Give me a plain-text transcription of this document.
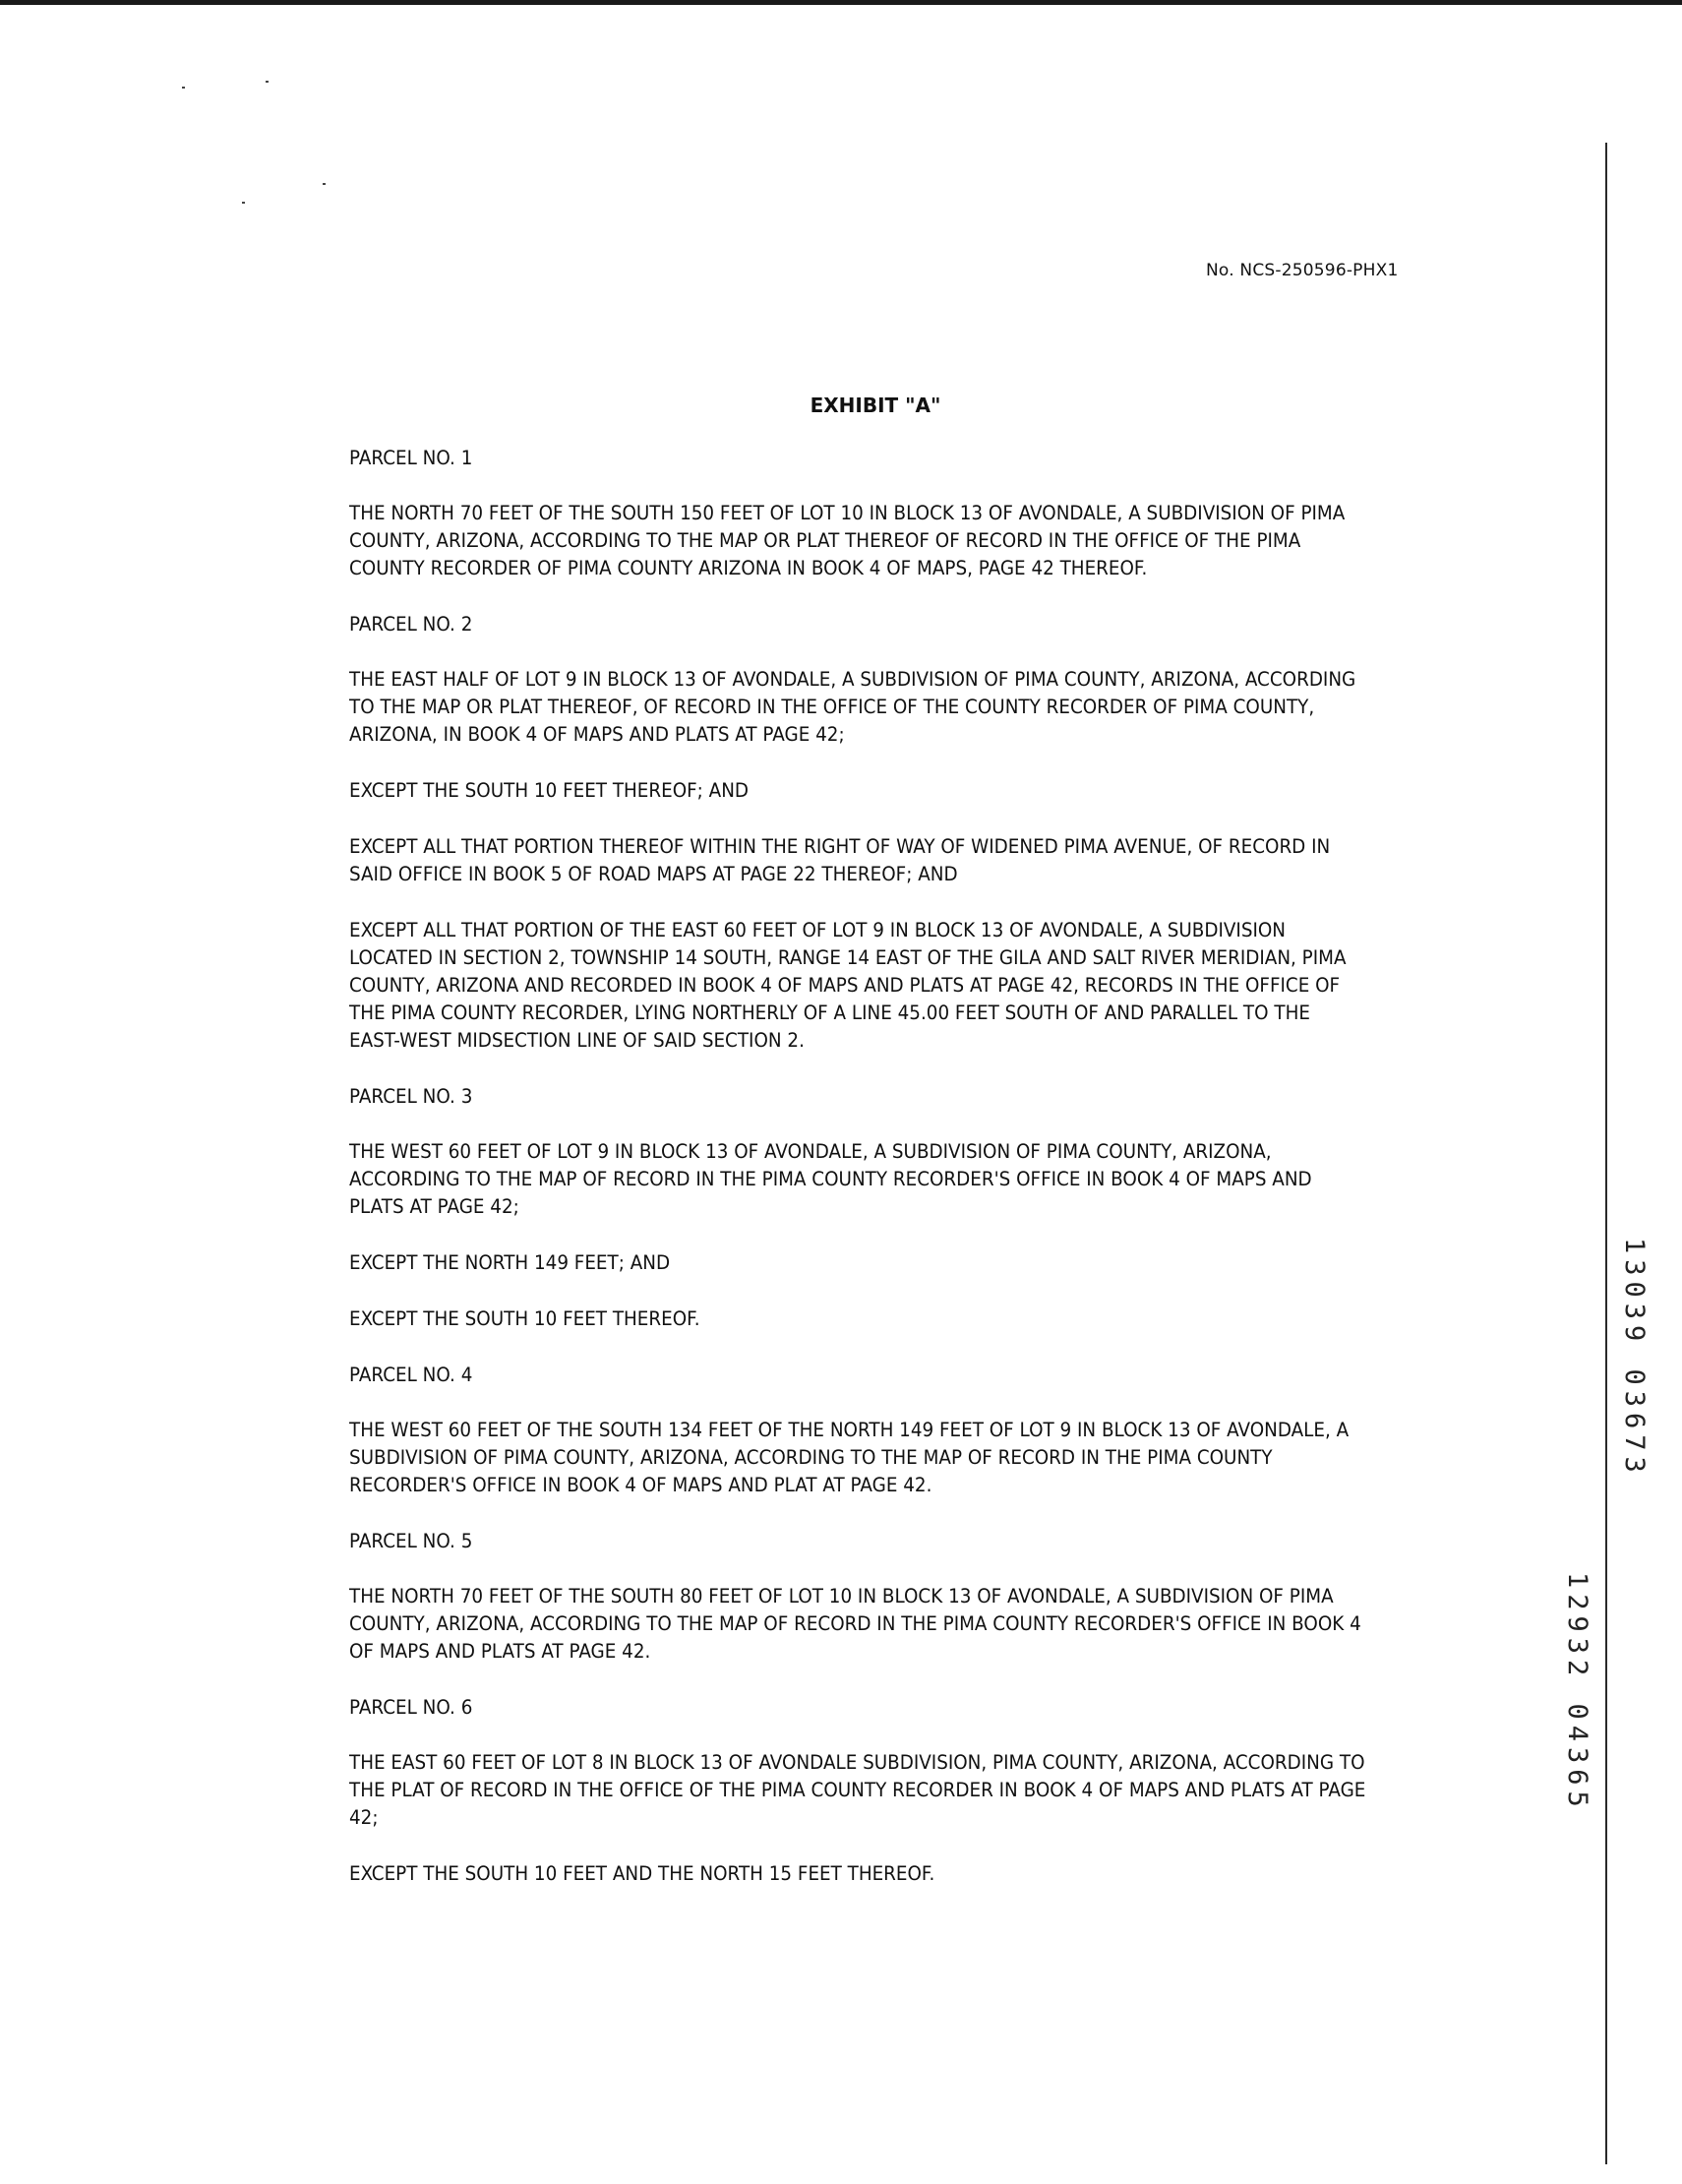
No. NCS-250596-PHX1
EXHIBIT "A"
PARCEL NO. 1

THE NORTH 70 FEET OF THE SOUTH 150 FEET OF LOT 10 IN BLOCK 13 OF AVONDALE, A SUBDIVISION OF PIMA COUNTY, ARIZONA, ACCORDING TO THE MAP OR PLAT THEREOF OF RECORD IN THE OFFICE OF THE PIMA COUNTY RECORDER OF PIMA COUNTY ARIZONA IN BOOK 4 OF MAPS, PAGE 42 THEREOF.

PARCEL NO. 2

THE EAST HALF OF LOT 9 IN BLOCK 13 OF AVONDALE, A SUBDIVISION OF PIMA COUNTY, ARIZONA, ACCORDING TO THE MAP OR PLAT THEREOF, OF RECORD IN THE OFFICE OF THE COUNTY RECORDER OF PIMA COUNTY, ARIZONA, IN BOOK 4 OF MAPS AND PLATS AT PAGE 42;

EXCEPT THE SOUTH 10 FEET THEREOF; AND

EXCEPT ALL THAT PORTION THEREOF WITHIN THE RIGHT OF WAY OF WIDENED PIMA AVENUE, OF RECORD IN SAID OFFICE IN BOOK 5 OF ROAD MAPS AT PAGE 22 THEREOF; AND

EXCEPT ALL THAT PORTION OF THE EAST 60 FEET OF LOT 9 IN BLOCK 13 OF AVONDALE, A SUBDIVISION LOCATED IN SECTION 2, TOWNSHIP 14 SOUTH, RANGE 14 EAST OF THE GILA AND SALT RIVER MERIDIAN, PIMA COUNTY, ARIZONA AND RECORDED IN BOOK 4 OF MAPS AND PLATS AT PAGE 42, RECORDS IN THE OFFICE OF THE PIMA COUNTY RECORDER, LYING NORTHERLY OF A LINE 45.00 FEET SOUTH OF AND PARALLEL TO THE EAST-WEST MIDSECTION LINE OF SAID SECTION 2.

PARCEL NO. 3

THE WEST 60 FEET OF LOT 9 IN BLOCK 13 OF AVONDALE, A SUBDIVISION OF PIMA COUNTY, ARIZONA, ACCORDING TO THE MAP OF RECORD IN THE PIMA COUNTY RECORDER'S OFFICE IN BOOK 4 OF MAPS AND PLATS AT PAGE 42;

EXCEPT THE NORTH 149 FEET; AND

EXCEPT THE SOUTH 10 FEET THEREOF.

PARCEL NO. 4

THE WEST 60 FEET OF THE SOUTH 134 FEET OF THE NORTH 149 FEET OF LOT 9 IN BLOCK 13 OF AVONDALE, A SUBDIVISION OF PIMA COUNTY, ARIZONA, ACCORDING TO THE MAP OF RECORD IN THE PIMA COUNTY RECORDER'S OFFICE IN BOOK 4 OF MAPS AND PLAT AT PAGE 42.

PARCEL NO. 5

THE NORTH 70 FEET OF THE SOUTH 80 FEET OF LOT 10 IN BLOCK 13 OF AVONDALE, A SUBDIVISION OF PIMA COUNTY, ARIZONA, ACCORDING TO THE MAP OF RECORD IN THE PIMA COUNTY RECORDER'S OFFICE IN BOOK 4 OF MAPS AND PLATS AT PAGE 42.

PARCEL NO. 6

THE EAST 60 FEET OF LOT 8 IN BLOCK 13 OF AVONDALE SUBDIVISION, PIMA COUNTY, ARIZONA, ACCORDING TO THE PLAT OF RECORD IN THE OFFICE OF THE PIMA COUNTY RECORDER IN BOOK 4 OF MAPS AND PLATS AT PAGE 42;

EXCEPT THE SOUTH 10 FEET AND THE NORTH 15 FEET THEREOF.

13039 03673
12932 04365
